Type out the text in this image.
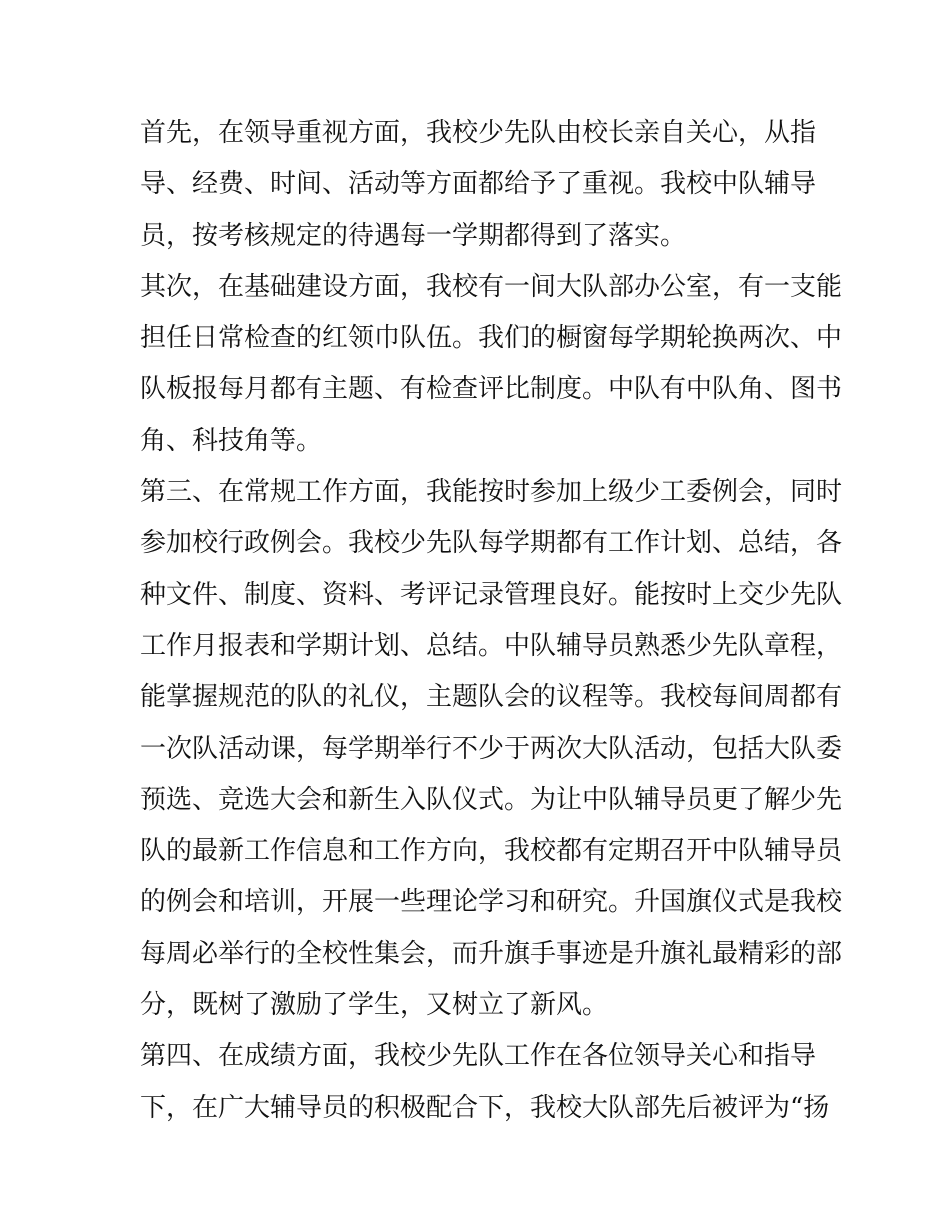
首先，在领导重视方面，我校少先队由校长亲自关心，从指
导、经费、时间、活动等方面都给予了重视。我校中队辅导
员，按考核规定的待遇每一学期都得到了落实。
其次，在基础建设方面，我校有一间大队部办公室，有一支能
担任日常检查的红领巾队伍。我们的橱窗每学期轮换两次、中
队板报每月都有主题、有检查评比制度。中队有中队角、图书
角、科技角等。
第三、在常规工作方面，我能按时参加上级少工委例会，同时
参加校行政例会。我校少先队每学期都有工作计划、总结，各
种文件、制度、资料、考评记录管理良好。能按时上交少先队
工作月报表和学期计划、总结。中队辅导员熟悉少先队章程，
能掌握规范的队的礼仪，主题队会的议程等。我校每间周都有
一次队活动课，每学期举行不少于两次大队活动，包括大队委
预选、竞选大会和新生入队仪式。为让中队辅导员更了解少先
队的最新工作信息和工作方向，我校都有定期召开中队辅导员
的例会和培训，开展一些理论学习和研究。升国旗仪式是我校
每周必举行的全校性集会，而升旗手事迹是升旗礼最精彩的部
分，既树了激励了学生，又树立了新风。
第四、在成绩方面，我校少先队工作在各位领导关心和指导
下，在广大辅导员的积极配合下，我校大队部先后被评为“扬
